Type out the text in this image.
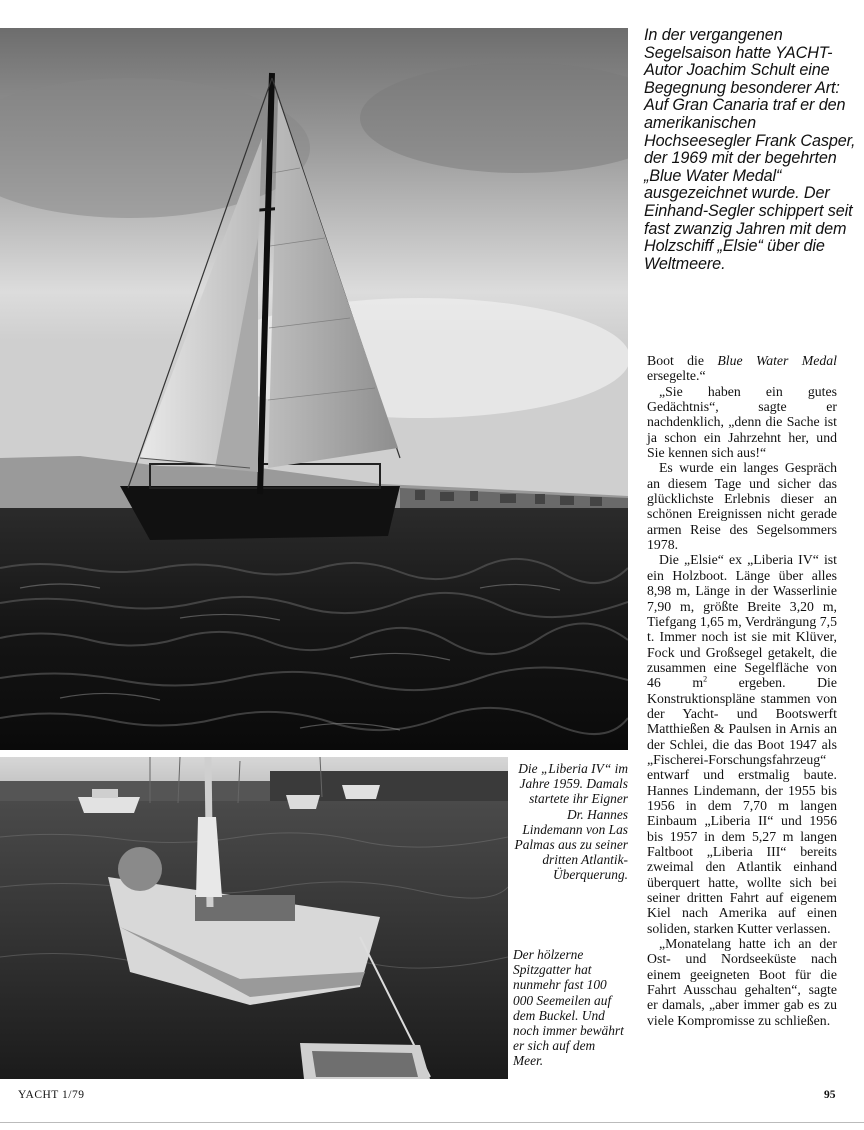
In der vergangenen Segelsaison hatte YACHT-Autor Joachim Schult eine Begegnung besonderer Art: Auf Gran Canaria traf er den amerikanischen Hochseesegler Frank Casper, der 1969 mit der begehrten „Blue Water Medal“ ausgezeichnet wurde. Der Einhand-Segler schippert seit fast zwanzig Jahren mit dem Holzschiff „Elsie“ über die Weltmeere.

Boot die Blue Water Medal ersegelte.“

„Sie haben ein gutes Gedächtnis“, sagte er nachdenklich, „denn die Sache ist ja schon ein Jahrzehnt her, und Sie kennen sich aus!“

Es wurde ein langes Gespräch an diesem Tage und sicher das glücklichste Erlebnis dieser an schönen Ereignissen nicht gerade armen Reise des Segelsommers 1978.

Die „Elsie“ ex „Liberia IV“ ist ein Holzboot. Länge über alles 8,98 m, Länge in der Wasserlinie 7,90 m, größte Breite 3,20 m, Tiefgang 1,65 m, Verdrängung 7,5 t. Immer noch ist sie mit Klüver, Fock und Großsegel getakelt, die zusammen eine Segelfläche von 46 $m^2$ ergeben. Die Konstruktionspläne stammen von der Yacht- und Bootswerft Matthießen & Paulsen in Arnis an der Schlei, die das Boot 1947 als „Fischerei-Forschungsfahrzeug“ entwarf und erstmalig baute. Hannes Lindemann, der 1955 bis 1956 in dem 7,70 m langen Einbaum „Liberia II“ und 1956 bis 1957 in dem 5,27 m langen Faltboot „Liberia III“ bereits zweimal den Atlantik einhand überquert hatte, wollte sich bei seiner dritten Fahrt auf eigenem Kiel nach Amerika auf einen soliden, starken Kutter verlassen.

„Monatelang hatte ich an der Ost- und Nordseeküste nach einem geeigneten Boot für die Fahrt Ausschau gehalten“, sagte er damals, „aber immer gab es zu viele Kompromisse zu schließen.

Die „Liberia IV“ im Jahre 1959. Damals startete ihr Eigner Dr. Hannes Lindemann von Las Palmas aus zu seiner dritten Atlantik-Überquerung.
Der hölzerne Spitzgatter hat nunmehr fast 100 000 Seemeilen auf dem Buckel. Und noch immer bewährt er sich auf dem Meer.
YACHT 1/79	95
